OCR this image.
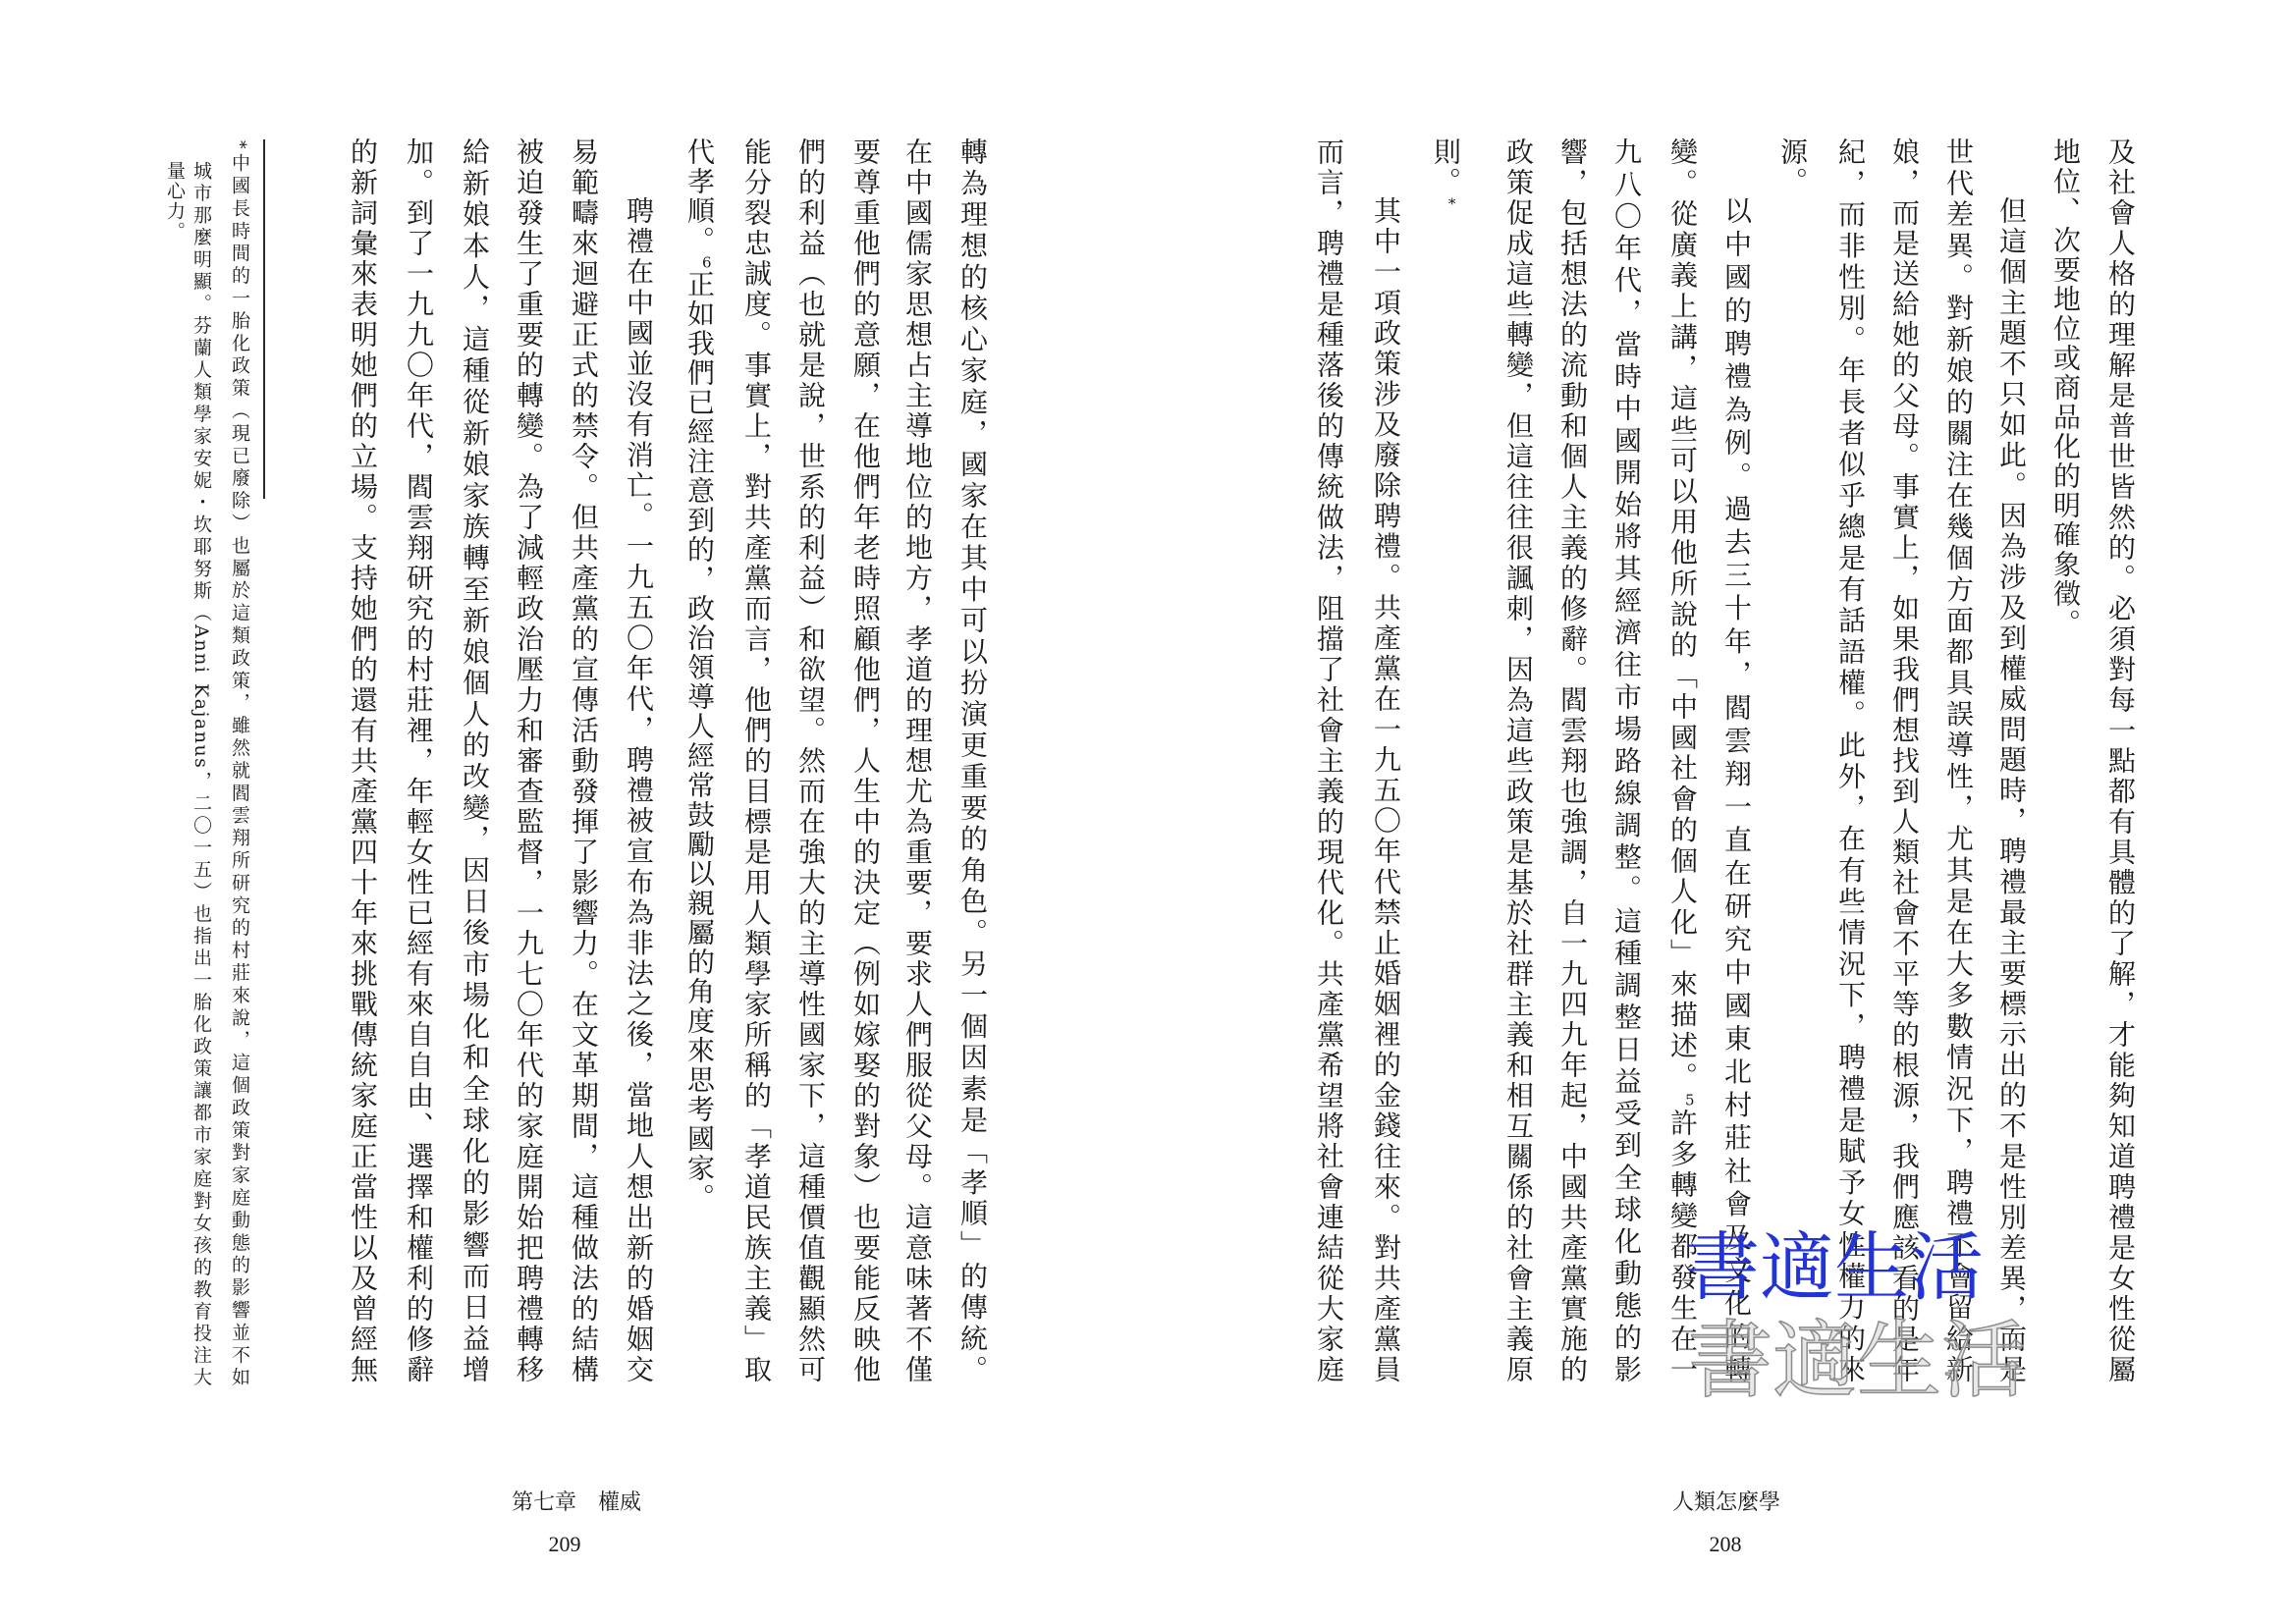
轉為理想的核心家庭，國家在其中可以扮演更重要的角色。另一個因素是「孝順」的傳統。
在中國儒家思想占主導地位的地方，孝道的理想尤為重要，要求人們服從父母。這意味著不僅
要尊重他們的意願，在他們年老時照顧他們，人生中的決定（例如嫁娶的對象）也要能反映他
們的利益（也就是說，世系的利益）和欲望。然而在強大的主導性國家下，這種價值觀顯然可
能分裂忠誠度。事實上，對共產黨而言，他們的目標是用人類學家所稱的「孝道民族主義」取
代孝順。6正如我們已經注意到的，政治領導人經常鼓勵以親屬的角度來思考國家。
聘禮在中國並沒有消亡。一九五〇年代，聘禮被宣布為非法之後，當地人想出新的婚姻交
易範疇來迴避正式的禁令。但共產黨的宣傳活動發揮了影響力。在文革期間，這種做法的結構
被迫發生了重要的轉變。為了減輕政治壓力和審查監督，一九七〇年代的家庭開始把聘禮轉移
給新娘本人，這種從新娘家族轉至新娘個人的改變，因日後市場化和全球化的影響而日益增
加。到了一九九〇年代，閻雲翔研究的村莊裡，年輕女性已經有來自自由、選擇和權利的修辭
的新詞彙來表明她們的立場。支持她們的還有共產黨四十年來挑戰傳統家庭正當性以及曾經無
*中國長時間的一胎化政策（現已廢除）也屬於這類政策，雖然就閻雲翔所研究的村莊來說，這個政策對家庭動態的影響並不如
城市那麼明顯。芬蘭人類學家安妮・坎耶努斯（Anni Kajanus，二〇一五）也指出一胎化政策讓都市家庭對女孩的教育投注大
量心力。
第七章　權威
209
及社會人格的理解是普世皆然的。必須對每一點都有具體的了解，才能夠知道聘禮是女性從屬
地位、次要地位或商品化的明確象徵。
但這個主題不只如此。因為涉及到權威問題時，聘禮最主要標示出的不是性別差異，而是
世代差異。對新娘的關注在幾個方面都具誤導性，尤其是在大多數情況下，聘禮不會留給新
娘，而是送給她的父母。事實上，如果我們想找到人類社會不平等的根源，我們應該看的是年
紀，而非性別。年長者似乎總是有話語權。此外，在有些情況下，聘禮是賦予女性權力的來
源。
以中國的聘禮為例。過去三十年，閻雲翔一直在研究中國東北村莊社會及文化的轉
變。從廣義上講，這些可以用他所說的「中國社會的個人化」來描述。5許多轉變都發生在一
九八〇年代，當時中國開始將其經濟往市場路線調整。這種調整日益受到全球化動態的影
響，包括想法的流動和個人主義的修辭。閻雲翔也強調，自一九四九年起，中國共產黨實施的
政策促成這些轉變，但這往往很諷刺，因為這些政策是基於社群主義和相互關係的社會主義原
則。*
其中一項政策涉及廢除聘禮。共產黨在一九五〇年代禁止婚姻裡的金錢往來。對共產黨員
而言，聘禮是種落後的傳統做法，阻擋了社會主義的現代化。共產黨希望將社會連結從大家庭
人類怎麼學
208
書適生活
書適生活
